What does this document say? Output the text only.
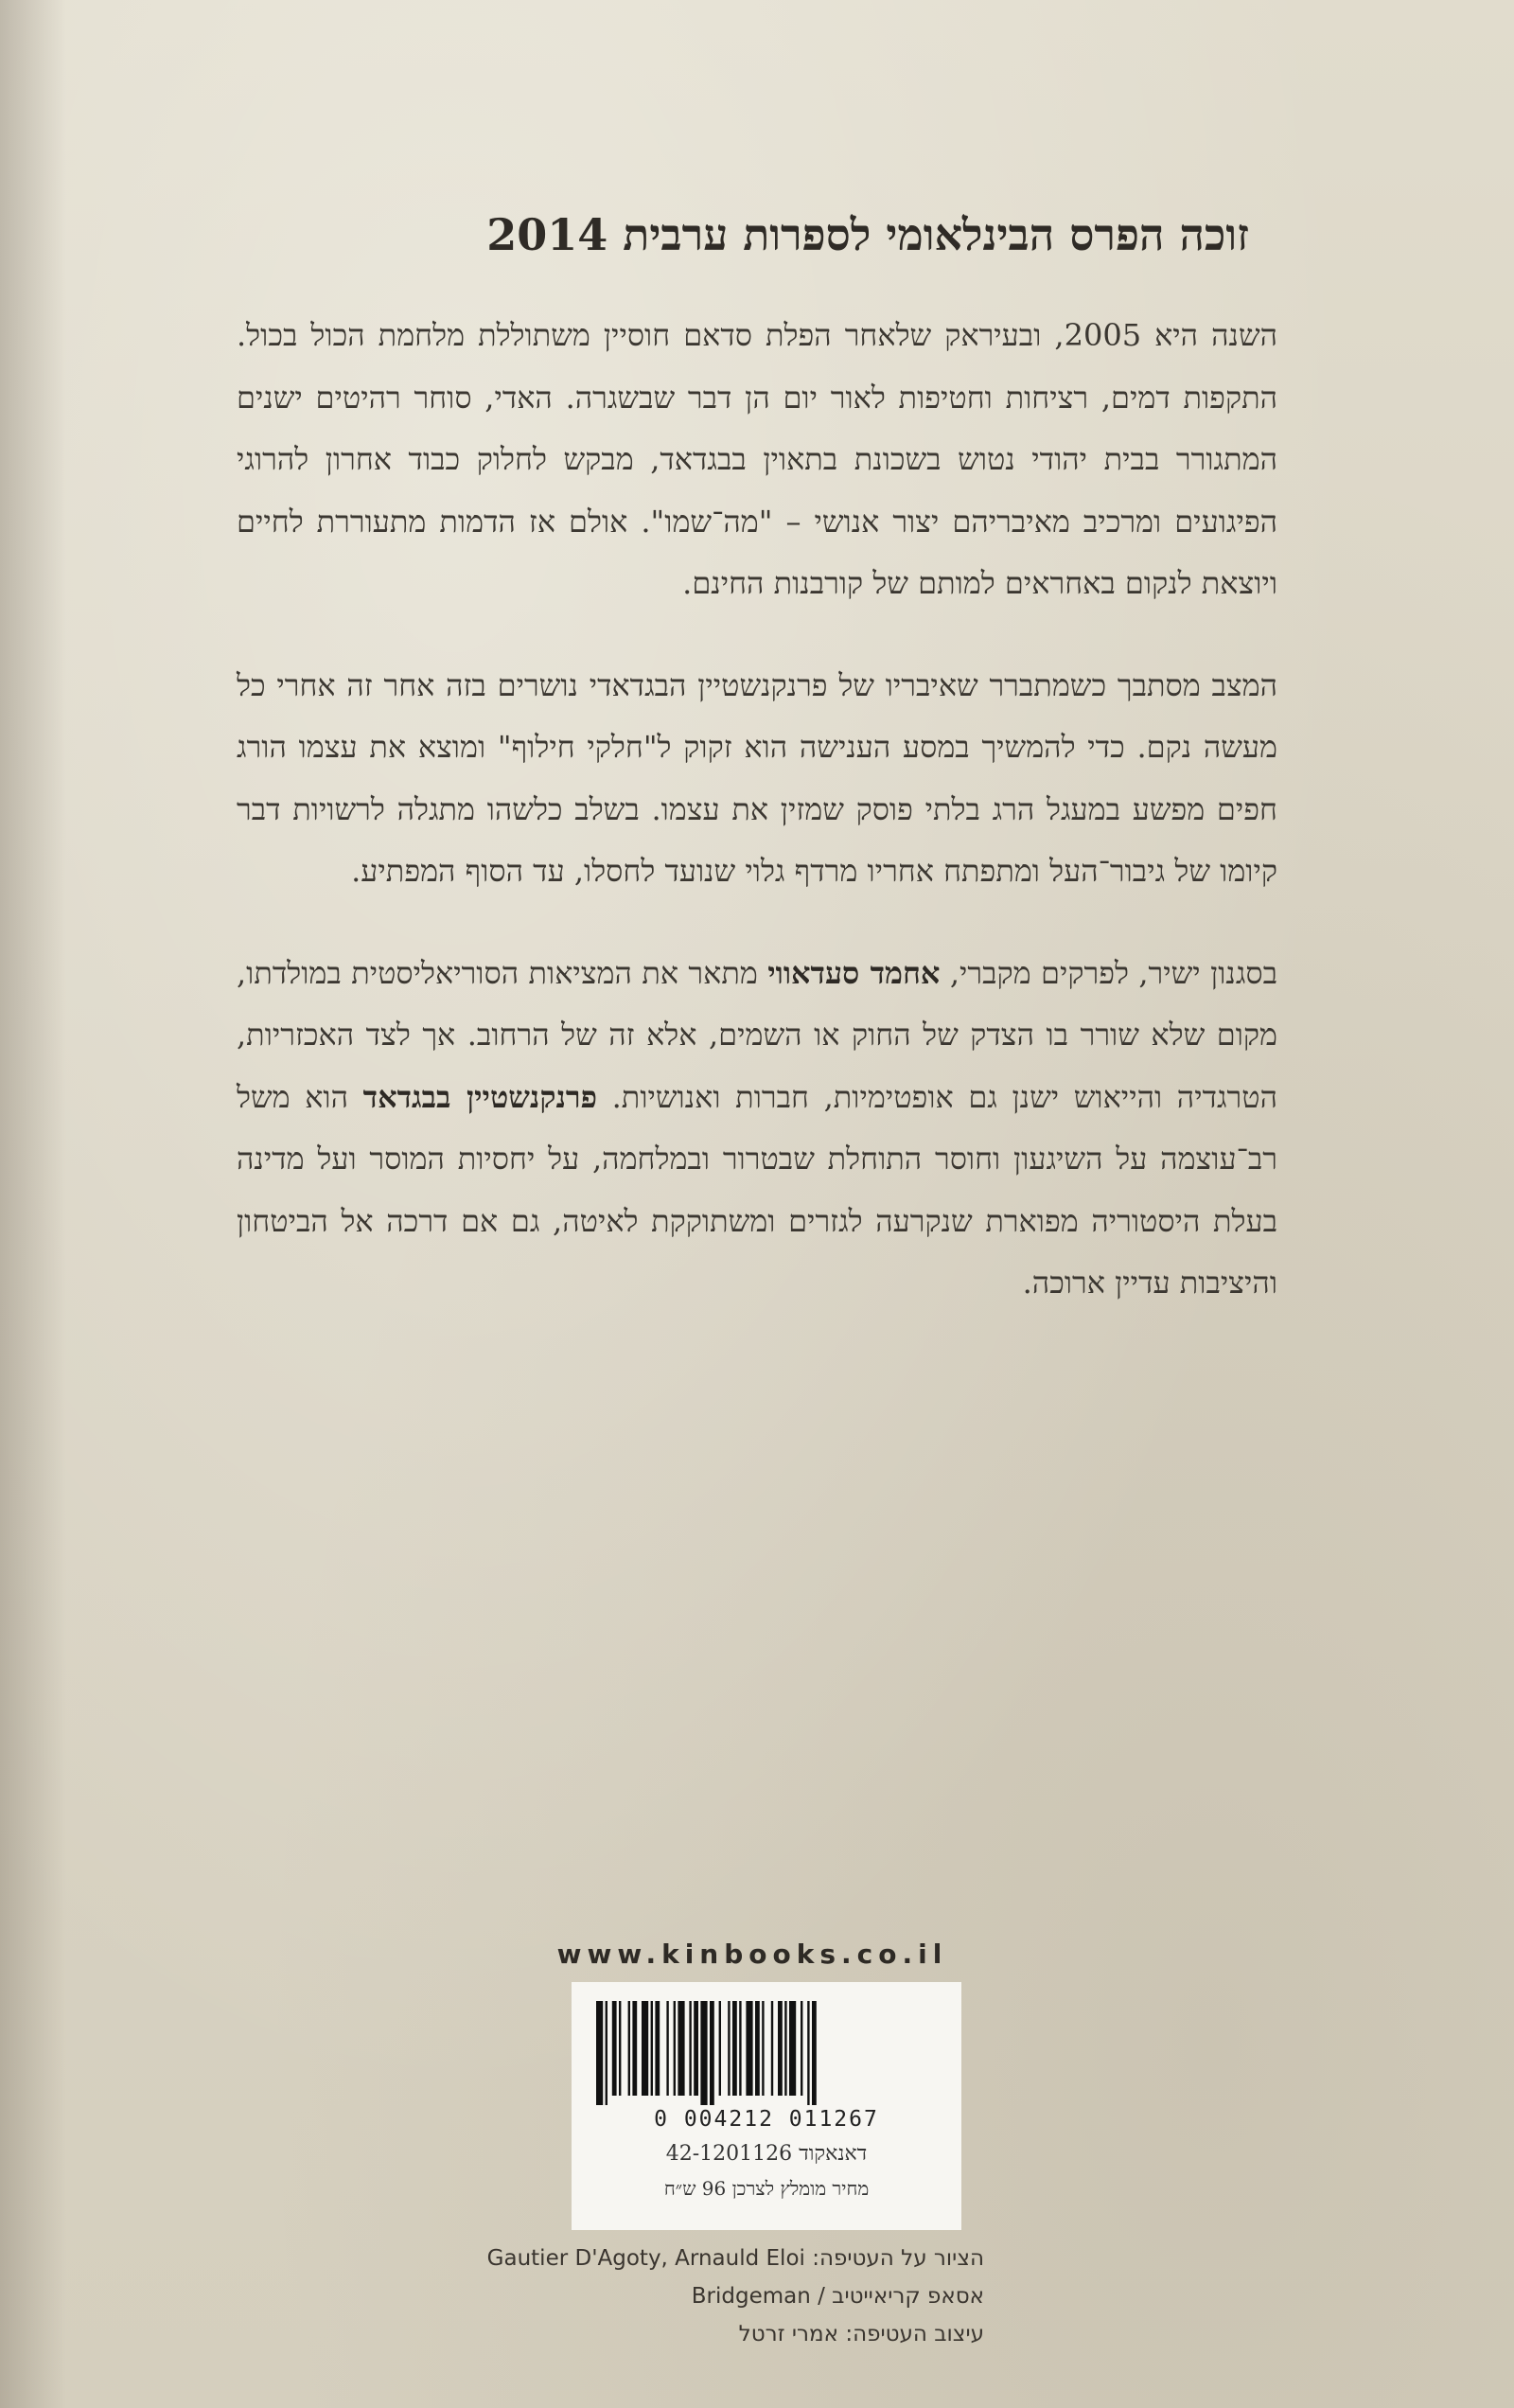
זוכה הפרס הבינלאומי לספרות ערבית 2014

השנה היא 2005, ובעיראק שלאחר הפלת סדאם חוסיין משתוללת מלחמת הכול בכול. התקפות דמים, רציחות וחטיפות לאור יום הן דבר שבשגרה. האדי, סוחר רהיטים ישנים המתגורר בבית יהודי נטוש בשכונת בתאוין בבגדאד, מבקש לחלוק כבוד אחרון להרוגי הפיגועים ומרכיב מאיבריהם יצור אנושי – "מה־שמו". אולם אז הדמות מתעוררת לחיים ויוצאת לנקום באחראים למותם של קורבנות החינם.

המצב מסתבך כשמתברר שאיבריו של פרנקנשטיין הבגדאדי נושרים בזה אחר זה אחרי כל מעשה נקם. כדי להמשיך במסע הענישה הוא זקוק ל"חלקי חילוף" ומוצא את עצמו הורג חפים מפשע במעגל הרג בלתי פוסק שמזין את עצמו. בשלב כלשהו מתגלה לרשויות דבר קיומו של גיבור־העל ומתפתח אחריו מרדף גלוי שנועד לחסלו, עד הסוף המפתיע.

בסגנון ישיר, לפרקים מקברי, אחמד סעדאווי מתאר את המציאות הסוריאליסטית במולדתו, מקום שלא שורר בו הצדק של החוק או השמים, אלא זה של הרחוב. אך לצד האכזריות, הטרגדיה והייאוש ישנן גם אופטימיות, חברות ואנושיות. פרנקנשטיין בבגדאד הוא משל רב־עוצמה על השיגעון וחוסר התוחלת שבטרור ובמלחמה, על יחסיות המוסר ועל מדינה בעלת היסטוריה מפוארת שנקרעה לגזרים ומשתוקקת לאיטה, גם אם דרכה אל הביטחון והיציבות עדיין ארוכה.

www.kinbooks.co.il
0 004212 011267
דאנאקוד 42-1201126
מחיר מומלץ לצרכן 96 ש״ח
הציור על העטיפה: Gautier D'Agoty, Arnauld Eloi
אסאפ קריאייטיב / Bridgeman
עיצוב העטיפה: אמרי זרטל
